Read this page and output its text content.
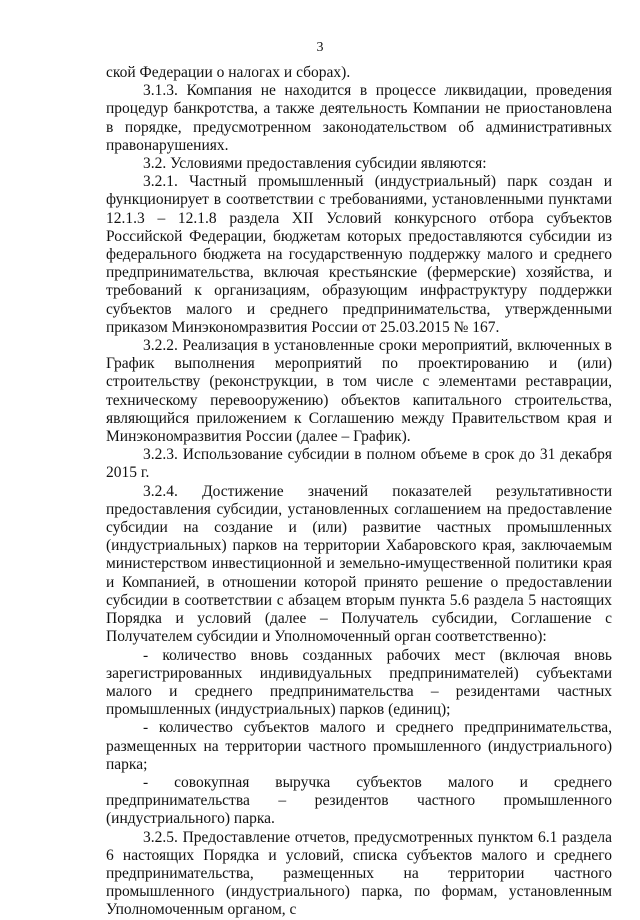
3

ской Федерации о налогах и сборах).

3.1.3. Компания не находится в процессе ликвидации, проведения процедур банкротства, а также деятельность Компании не приостановлена в порядке, предусмотренном законодательством об административных правонарушениях.

3.2. Условиями предоставления субсидии являются:

3.2.1. Частный промышленный (индустриальный) парк создан и функционирует в соответствии с требованиями, установленными пунктами 12.1.3 – 12.1.8 раздела XII Условий конкурсного отбора субъектов Российской Федерации, бюджетам которых предоставляются субсидии из федерального бюджета на государственную поддержку малого и среднего предпринимательства, включая крестьянские (фермерские) хозяйства, и требований к организациям, образующим инфраструктуру поддержки субъектов малого и среднего предпринимательства, утвержденными приказом Минэкономразвития России от 25.03.2015 № 167.

3.2.2. Реализация в установленные сроки мероприятий, включенных в График выполнения мероприятий по проектированию и (или) строительству (реконструкции, в том числе с элементами реставрации, техническому перевооружению) объектов капитального строительства, являющийся приложением к Соглашению между Правительством края и Минэкономразвития России (далее – График).

3.2.3. Использование субсидии в полном объеме в срок до 31 декабря 2015 г.

3.2.4. Достижение значений показателей результативности предоставления субсидии, установленных соглашением на предоставление субсидии на создание и (или) развитие частных промышленных (индустриальных) парков на территории Хабаровского края, заключаемым министерством инвестиционной и земельно-имущественной политики края и Компанией, в отношении которой принято решение о предоставлении субсидии в соответствии с абзацем вторым пункта 5.6 раздела 5 настоящих Порядка и условий (далее – Получатель субсидии, Соглашение с Получателем субсидии и Уполномоченный орган соответственно):

- количество вновь созданных рабочих мест (включая вновь зарегистрированных индивидуальных предпринимателей) субъектами малого и среднего предпринимательства – резидентами частных промышленных (индустриальных) парков (единиц);

- количество субъектов малого и среднего предпринимательства, размещенных на территории частного промышленного (индустриального) парка;

- совокупная выручка субъектов малого и среднего предпринимательства – резидентов частного промышленного (индустриального) парка.

3.2.5. Предоставление отчетов, предусмотренных пунктом 6.1 раздела 6 настоящих Порядка и условий, списка субъектов малого и среднего предпринимательства, размещенных на территории частного промышленного (индустриального) парка, по формам, установленным Уполномоченным органом, с
